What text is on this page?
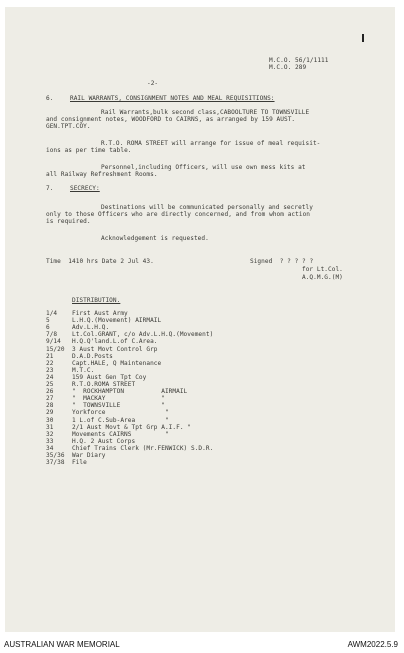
M.C.O. 56/1/1111
M.C.O. 289
-2-
6.	RAIL WARRANTS, CONSIGNMENT NOTES AND MEAL REQUISITIONS:
Rail Warrants,bulk second class,CABOOLTURE TO TOWNSVILLE
and consignment notes, WOODFORD to CAIRNS, as arranged by 159 AUST.
GEN.TPT.COY.
R.T.O. ROMA STREET will arrange for issue of meal requisit-
ions as per time table.
Personnel,including Officers, will use own mess kits at
all Railway Refreshment Rooms.
7.	SECRECY:
Destinations will be communicated personally and secretly
only to those Officers who are directly concerned, and from whom action
is required.
Acknowledgement is requested.
Time  1410 hrs Date 2 Jul 43.	Signed  ? ? ? ? ?
for Lt.Col.
A.Q.M.G.(M)
DISTRIBUTION.
1/4 First Aust Army
5	L.H.Q.(Movement) AIRMAIL
6	Adv.L.H.Q.
7/8 Lt.Col.GRANT, c/o Adv.L.H.Q.(Movement)
9/14 H.Q.Q'land.L.of C.Area.
15/20 3 Aust Movt Control Grp
21	D.A.D.Posts
22	Capt.HALE, Q Maintenance
23	M.T.C.
24	159 Aust Gen Tpt Coy
25	R.T.O.ROMA STREET
26	"  ROCKHAMPTON          AIRMAIL
27	"  MACKAY               "
28	"  TOWNSVILLE           "
29	Yorkforce                "
30	1 L.of C.Sub-Area        "
31	2/1 Aust Movt & Tpt Grp A.I.F. "
32	Movements CAIRNS         "
33	H.Q. 2 Aust Corps
34	Chief Trains Clerk (Mr.FENWICK) S.D.R.
35/36 War Diary
37/38 File
AUSTRALIAN WAR MEMORIAL	AWM2022.5.9
